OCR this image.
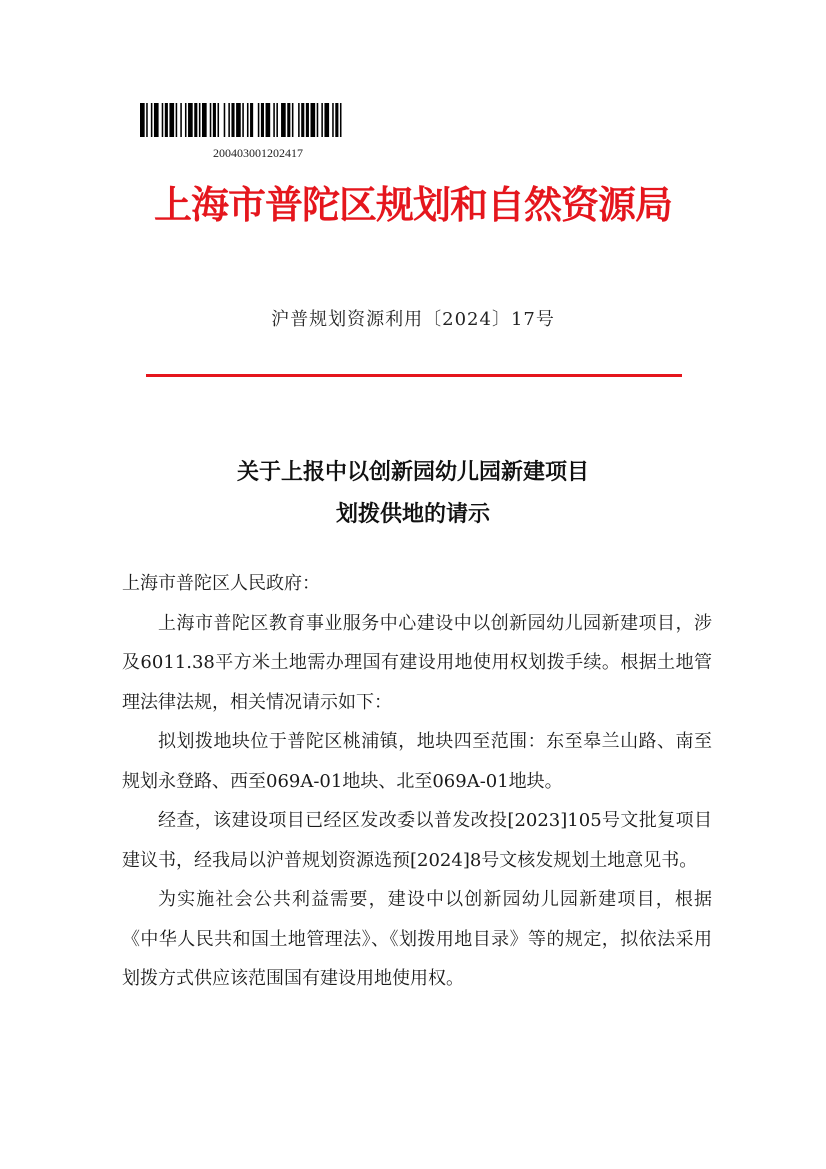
200403001202417
上海市普陀区规划和自然资源局
沪普规划资源利用〔2024〕17号
关于上报中以创新园幼儿园新建项目
划拨供地的请示

上海市普陀区人民政府：

上海市普陀区教育事业服务中心建设中以创新园幼儿园新建项目，涉及6011.38平方米土地需办理国有建设用地使用权划拨手续。根据土地管理法律法规，相关情况请示如下：

拟划拨地块位于普陀区桃浦镇，地块四至范围：东至皋兰山路、南至规划永登路、西至069A-01地块、北至069A-01地块。

经查，该建设项目已经区发改委以普发改投[2023]105号文批复项目建议书，经我局以沪普规划资源选预[2024]8号文核发规划土地意见书。

为实施社会公共利益需要，建设中以创新园幼儿园新建项目，根据《中华人民共和国土地管理法》、《划拨用地目录》等的规定，拟依法采用划拨方式供应该范围国有建设用地使用权。
